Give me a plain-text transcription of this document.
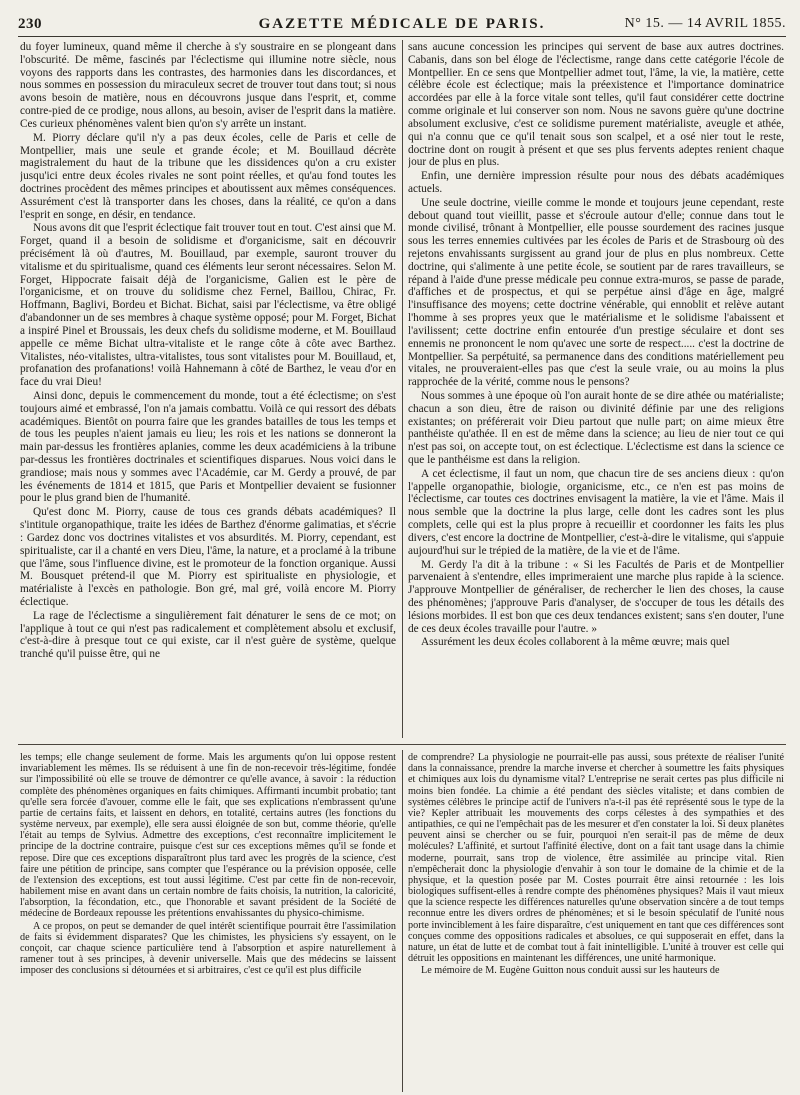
230	GAZETTE MÉDICALE DE PARIS.	N° 15. — 14 AVRIL 1855.

du foyer lumineux, quand même il cherche à s'y soustraire en se plongeant dans l'obscurité. De même, fascinés par l'éclectisme qui illumine notre siècle, nous voyons des rapports dans les contrastes, des harmonies dans les discordances, et nous sommes en possession du miraculeux secret de trouver tout dans tout; si nous avons besoin de matière, nous en découvrons jusque dans l'esprit, et, comme contre-pied de ce prodige, nous allons, au besoin, aviser de l'esprit dans la matière. Ces curieux phénomènes valent bien qu'on s'y arrête un instant.

M. Piorry déclare qu'il n'y a pas deux écoles, celle de Paris et celle de Montpellier, mais une seule et grande école; et M. Bouillaud décrète magistralement du haut de la tribune que les dissidences qu'on a cru exister jusqu'ici entre deux écoles rivales ne sont point réelles, et qu'au fond toutes les doctrines procèdent des mêmes principes et aboutissent aux mêmes conséquences. Assurément c'est là transporter dans les choses, dans la réalité, ce qu'on a dans l'esprit en songe, en désir, en tendance.

Nous avons dit que l'esprit éclectique fait trouver tout en tout. C'est ainsi que M. Forget, quand il a besoin de solidisme et d'organicisme, sait en découvrir précisément là où d'autres, M. Bouillaud, par exemple, sauront trouver du vitalisme et du spiritualisme, quand ces éléments leur seront nécessaires. Selon M. Forget, Hippocrate faisait déjà de l'organicisme, Galien est le père de l'organicisme, et on trouve du solidisme chez Fernel, Baillou, Chirac, Fr. Hoffmann, Baglivi, Bordeu et Bichat. Bichat, saisi par l'éclectisme, va être obligé d'abandonner un de ses membres à chaque système opposé; pour M. Forget, Bichat a inspiré Pinel et Broussais, les deux chefs du solidisme moderne, et M. Bouillaud appelle ce même Bichat ultra-vitaliste et le range côte à côte avec Barthez. Vitalistes, néo-vitalistes, ultra-vitalistes, tous sont vitalistes pour M. Bouillaud, et, profanation des profanations! voilà Hahnemann à côté de Barthez, le veau d'or en face du vrai Dieu!

Ainsi donc, depuis le commencement du monde, tout a été éclectisme; on s'est toujours aimé et embrassé, l'on n'a jamais combattu. Voilà ce qui ressort des débats académiques. Bientôt on pourra faire que les grandes batailles de tous les temps et de tous les peuples n'aient jamais eu lieu; les rois et les nations se donneront la main par-dessus les frontières aplanies, comme les deux académiciens à la tribune par-dessus les frontières doctrinales et scientifiques disparues. Nous voici dans le grandiose; mais nous y sommes avec l'Académie, car M. Gerdy a prouvé, de par les événements de 1814 et 1815, que Paris et Montpellier devaient se fusionner pour le plus grand bien de l'humanité.

Qu'est donc M. Piorry, cause de tous ces grands débats académiques? Il s'intitule organopathique, traite les idées de Barthez d'énorme galimatias, et s'écrie : Gardez donc vos doctrines vitalistes et vos absurdités. M. Piorry, cependant, est spiritualiste, car il a chanté en vers Dieu, l'âme, la nature, et a proclamé à la tribune que l'âme, sous l'influence divine, est le promoteur de la fonction organique. Aussi M. Bousquet prétend-il que M. Piorry est spiritualiste en physiologie, et matérialiste à l'excès en pathologie. Bon gré, mal gré, voilà encore M. Piorry éclectique.

La rage de l'éclectisme a singulièrement fait dénaturer le sens de ce mot; on l'applique à tout ce qui n'est pas radicalement et complètement absolu et exclusif, c'est-à-dire à presque tout ce qui existe, car il n'est guère de système, quelque tranché qu'il puisse être, qui ne

sans aucune concession les principes qui servent de base aux autres doctrines. Cabanis, dans son bel éloge de l'éclectisme, range dans cette catégorie l'école de Montpellier. En ce sens que Montpellier admet tout, l'âme, la vie, la matière, cette célèbre école est éclectique; mais la préexistence et l'importance dominatrice accordées par elle à la force vitale sont telles, qu'il faut considérer cette doctrine comme originale et lui conserver son nom. Nous ne savons guère qu'une doctrine absolument exclusive, c'est ce solidisme purement matérialiste, aveugle et athée, qui n'a connu que ce qu'il tenait sous son scalpel, et a osé nier tout le reste, doctrine dont on rougit à présent et que ses plus fervents adeptes renient chaque jour de plus en plus.

Enfin, une dernière impression résulte pour nous des débats académiques actuels.

Une seule doctrine, vieille comme le monde et toujours jeune cependant, reste debout quand tout vieillit, passe et s'écroule autour d'elle; connue dans tout le monde civilisé, trônant à Montpellier, elle pousse sourdement des racines jusque sous les terres ennemies cultivées par les écoles de Paris et de Strasbourg où des rejetons envahissants surgissent au grand jour de plus en plus nombreux. Cette doctrine, qui s'alimente à une petite école, se soutient par de rares travailleurs, se répand à l'aide d'une presse médicale peu connue extra-muros, se passe de parade, d'affiches et de prospectus, et qui se perpétue ainsi d'âge en âge, malgré l'insuffisance des moyens; cette doctrine vénérable, qui ennoblit et relève autant l'homme à ses propres yeux que le matérialisme et le solidisme l'abaissent et l'avilissent; cette doctrine enfin entourée d'un prestige séculaire et dont ses ennemis ne prononcent le nom qu'avec une sorte de respect..... c'est la doctrine de Montpellier. Sa perpétuité, sa permanence dans des conditions matériellement peu vitales, ne prouveraient-elles pas que c'est la seule vraie, ou au moins la plus rapprochée de la vérité, comme nous le pensons?

Nous sommes à une époque où l'on aurait honte de se dire athée ou matérialiste; chacun a son dieu, être de raison ou divinité définie par une des religions existantes; on préférerait voir Dieu partout que nulle part; on aime mieux être panthéiste qu'athée. Il en est de même dans la science; au lieu de nier tout ce qui n'est pas soi, on accepte tout, on est éclectique. L'éclectisme est dans la science ce que le panthéisme est dans la religion.

A cet éclectisme, il faut un nom, que chacun tire de ses anciens dieux : qu'on l'appelle organopathie, biologie, organicisme, etc., ce n'en est pas moins de l'éclectisme, car toutes ces doctrines envisagent la matière, la vie et l'âme. Mais il nous semble que la doctrine la plus large, celle dont les cadres sont les plus complets, celle qui est la plus propre à recueillir et coordonner les faits les plus divers, c'est encore la doctrine de Montpellier, c'est-à-dire le vitalisme, qui s'appuie aujourd'hui sur le trépied de la matière, de la vie et de l'âme.

M. Gerdy l'a dit à la tribune : « Si les Facultés de Paris et de Montpellier parvenaient à s'entendre, elles imprimeraient une marche plus rapide à la science. J'approuve Montpellier de généraliser, de rechercher le lien des choses, la cause des phénomènes; j'approuve Paris d'analyser, de s'occuper de tous les détails des lésions morbides. Il est bon que ces deux tendances existent; sans s'en douter, l'une de ces deux écoles travaille pour l'autre. »

Assurément les deux écoles collaborent à la même œuvre; mais quel

les temps; elle change seulement de forme. Mais les arguments qu'on lui oppose restent invariablement les mêmes. Ils se réduisent à une fin de non-recevoir très-légitime, fondée sur l'impossibilité où elle se trouve de démontrer ce qu'elle avance, à savoir : la réduction complète des phénomènes organiques en faits chimiques. Affirmanti incumbit probatio; tant qu'elle sera forcée d'avouer, comme elle le fait, que ses explications n'embrassent qu'une partie de certains faits, et laissent en dehors, en totalité, certains autres (les fonctions du système nerveux, par exemple), elle sera aussi éloignée de son but, comme théorie, qu'elle l'était au temps de Sylvius. Admettre des exceptions, c'est reconnaître implicitement le principe de la doctrine contraire, puisque c'est sur ces exceptions mêmes qu'il se fonde et repose. Dire que ces exceptions disparaîtront plus tard avec les progrès de la science, c'est faire une pétition de principe, sans compter que l'espérance ou la prévision opposée, celle de l'extension des exceptions, est tout aussi légitime. C'est par cette fin de non-recevoir, habilement mise en avant dans un certain nombre de faits choisis, la nutrition, la caloricité, l'absorption, la fécondation, etc., que l'honorable et savant président de la Société de médecine de Bordeaux repousse les prétentions envahissantes du physico-chimisme.

A ce propos, on peut se demander de quel intérêt scientifique pourrait être l'assimilation de faits si évidemment disparates? Que les chimistes, les physiciens s'y essayent, on le conçoit, car chaque science particulière tend à l'absorption et aspire naturellement à ramener tout à ses principes, à devenir universelle. Mais que des médecins se laissent imposer des conclusions si détournées et si arbitraires, c'est ce qu'il est plus difficile

de comprendre? La physiologie ne pourrait-elle pas aussi, sous prétexte de réaliser l'unité dans la connaissance, prendre la marche inverse et chercher à soumettre les faits physiques et chimiques aux lois du dynamisme vital? L'entreprise ne serait certes pas plus difficile ni moins bien fondée. La chimie a été pendant des siècles vitaliste; et dans combien de systèmes célèbres le principe actif de l'univers n'a-t-il pas été représenté sous le type de la vie? Kepler attribuait les mouvements des corps célestes à des sympathies et des antipathies, ce qui ne l'empêchait pas de les mesurer et d'en constater la loi. Si deux planètes peuvent ainsi se chercher ou se fuir, pourquoi n'en serait-il pas de même de deux molécules? L'affinité, et surtout l'affinité élective, dont on a fait tant usage dans la chimie moderne, pourrait, sans trop de violence, être assimilée au principe vital. Rien n'empêcherait donc la physiologie d'envahir à son tour le domaine de la chimie et de la physique, et la question posée par M. Costes pourrait être ainsi retournée : les lois biologiques suffisent-elles à rendre compte des phénomènes physiques? Mais il vaut mieux que la science respecte les différences naturelles qu'une observation sincère a de tout temps reconnue entre les divers ordres de phénomènes; et si le besoin spéculatif de l'unité nous porte invinciblement à les faire disparaître, c'est uniquement en tant que ces différences sont conçues comme des oppositions radicales et absolues, ce qui supposerait en effet, dans la nature, un état de lutte et de combat tout à fait inintelligible. L'unité à trouver est celle qui détruit les oppositions en maintenant les différences, une unité harmonique.

Le mémoire de M. Eugène Guitton nous conduit aussi sur les hauteurs de
